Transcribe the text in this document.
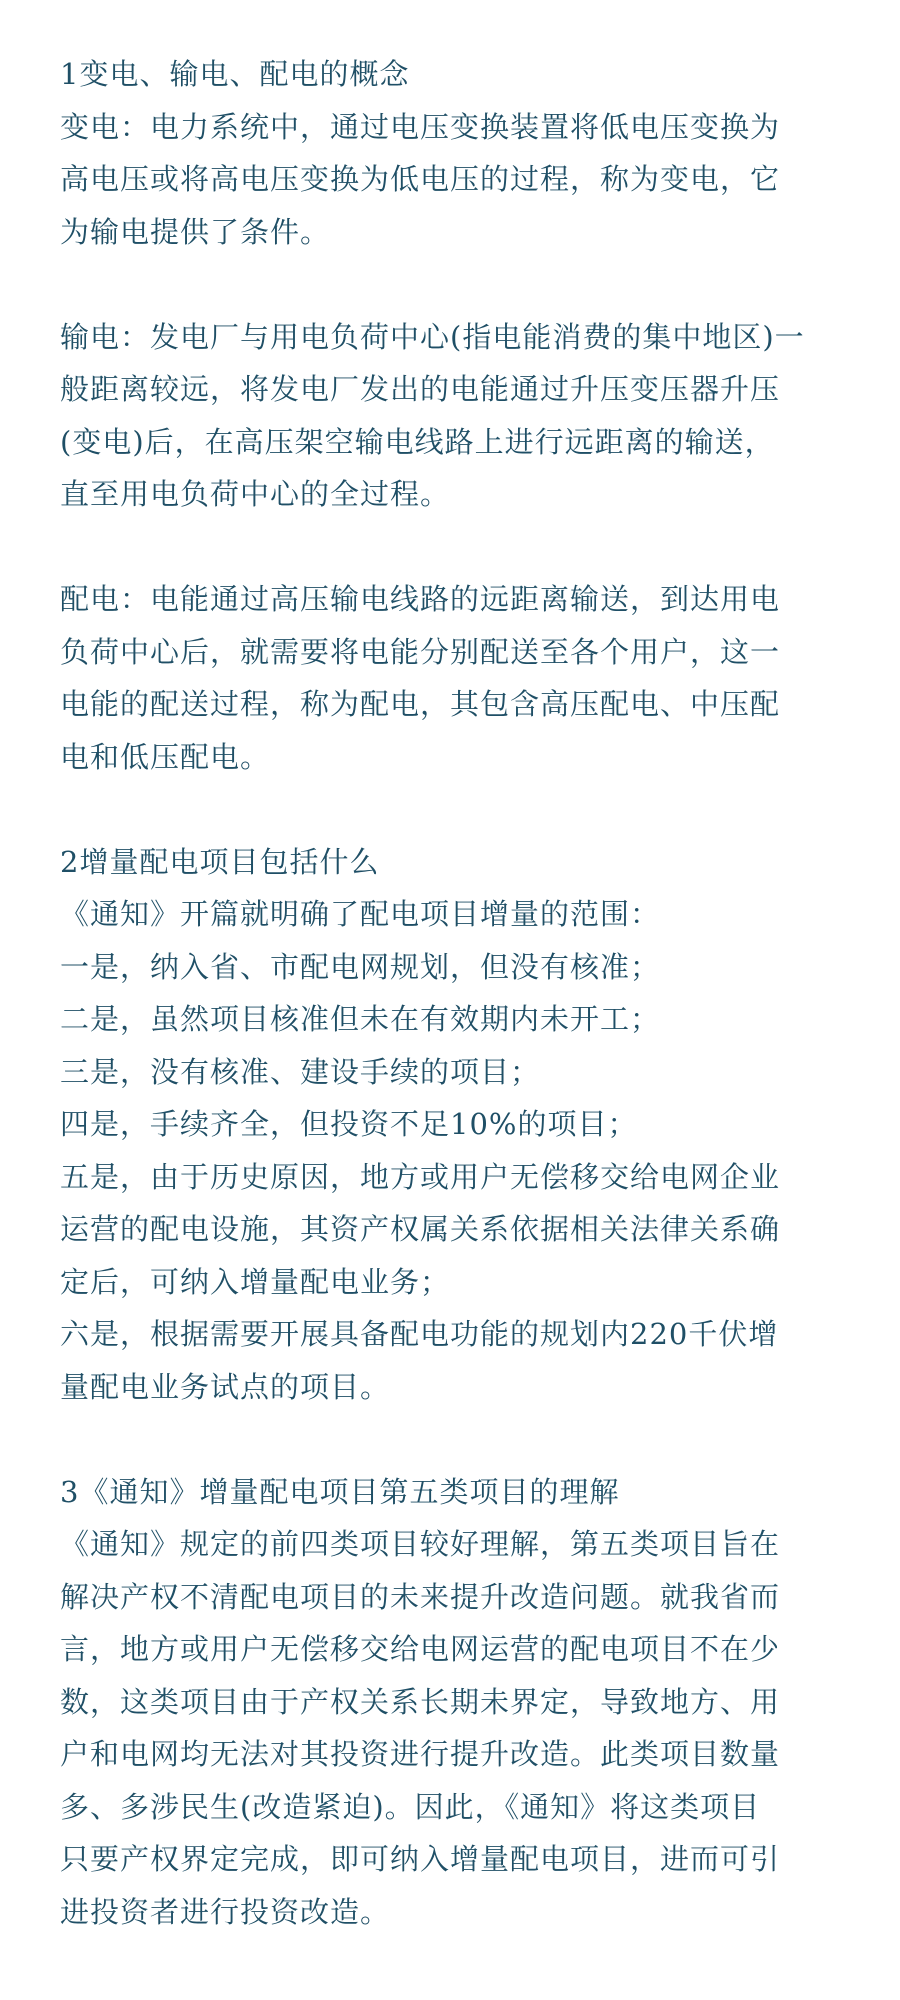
1变电、输电、配电的概念
变电：电力系统中，通过电压变换装置将低电压变换为
高电压或将高电压变换为低电压的过程，称为变电，它
为输电提供了条件。
输电：发电厂与用电负荷中心(指电能消费的集中地区)一
般距离较远，将发电厂发出的电能通过升压变压器升压
(变电)后，在高压架空输电线路上进行远距离的输送，
直至用电负荷中心的全过程。
配电：电能通过高压输电线路的远距离输送，到达用电
负荷中心后，就需要将电能分别配送至各个用户，这一
电能的配送过程，称为配电，其包含高压配电、中压配
电和低压配电。
2增量配电项目包括什么
《通知》开篇就明确了配电项目增量的范围：
一是，纳入省、市配电网规划，但没有核准；
二是，虽然项目核准但未在有效期内未开工；
三是，没有核准、建设手续的项目；
四是，手续齐全，但投资不足10%的项目；
五是，由于历史原因，地方或用户无偿移交给电网企业
运营的配电设施，其资产权属关系依据相关法律关系确
定后，可纳入增量配电业务；
六是，根据需要开展具备配电功能的规划内220千伏增
量配电业务试点的项目。
3《通知》增量配电项目第五类项目的理解
《通知》规定的前四类项目较好理解，第五类项目旨在
解决产权不清配电项目的未来提升改造问题。就我省而
言，地方或用户无偿移交给电网运营的配电项目不在少
数，这类项目由于产权关系长期未界定，导致地方、用
户和电网均无法对其投资进行提升改造。此类项目数量
多、多涉民生(改造紧迫)。因此，《通知》将这类项目
只要产权界定完成，即可纳入增量配电项目，进而可引
进投资者进行投资改造。
